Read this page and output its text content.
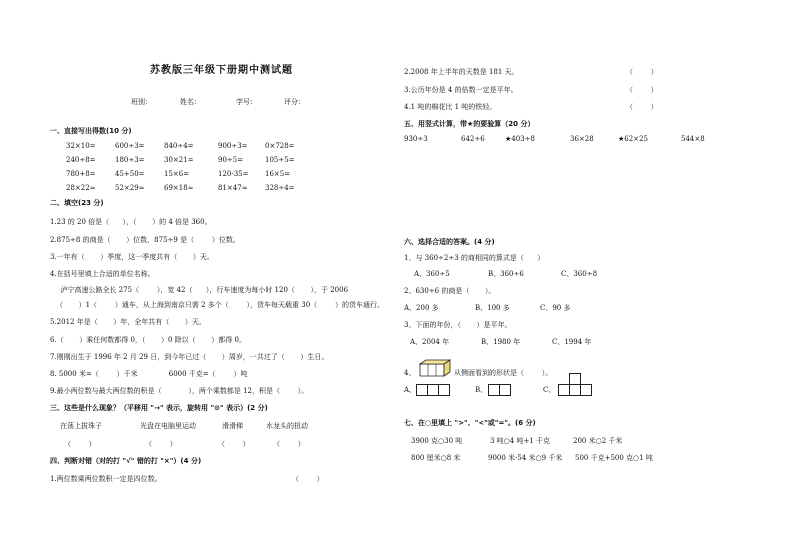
苏教版三年级下册期中测试题
班别：	姓名：	学号：	评分：
一、直接写出得数(10 分)
32×10=	600÷3=	840÷4=	900÷3= 0×728=
240÷8=	180÷3=	30×21=	90÷5=	105÷5=
780+8=	45+50=	15×6=	120-35= 16×5=
28×22≈	52×29≈	69×18≈	81×47≈ 328÷4=
二、填空(23 分)
1.23 的 20 倍是（      ），（       ）的 4 倍是 360。
2.875÷8 的商是（       ）位数，875÷9 是（        ）位数。
3.一年有（       ）季度，这一季度共有（       ）天。
4.在括号里填上合适的单位名称。
泸宁高速公路全长 275（        ），宽 42（      ），行车速度为每小时 120（       ），于 2006
（       ）1（        ）通车，从上海到南京只需 2 多个（        ），货车每天载重 30（        ）的货车通行。
5.2012 年是（       ）年，全年共有（       ）天。
6.（       ）乘任何数都得 0，（       ）0 除以（       ）都得 0。
7.刚刚出生于 1996 年 2 月 29 日，到今年已过（       ）周岁，一共过了（       ）生日。
8. 5000 米=（        ）千米              6000 千克=（        ）吨
9.最小两位数与最大两位数的积是（            ），两个乘数都是 12，积是（        ）。
三、这些是什么现象？（平移用 "→" 表示，旋转用 "⊙" 表示）(2 分)
在荡上拔珠子	光盘在电脑里运动	滑滑梯	水龙头的扭动
（        ）	（        ）	（        ）	（        ）
四、判断对错（对的打 "√" 错的打 "×"）(4 分)
1.两位数乘两位数积一定是四位数。	（        ）
2.2008 年上半年的天数是 181 天。	（        ）
3.公历年份是 4 的倍数一定是平年。	（        ）
4.1 吨的棉花比 1 吨的铁轻。	（        ）
五、用竖式计算，带★的要验算（20 分）
930÷3	642÷6	★403÷8	36×28	★62×25	544×8
六、选择合适的答案。(4 分)
1、与 360÷2÷3 的商相同的算式是（      ）
A、360÷5	B、360÷6	C、360÷8
2、630÷6 的商是（       ）。
A、200 多	B、100 多	C、90 多
3、下面的年份，（       ）是平年。
A、2004 年	B、1980 年	C、1994 年
4、	从侧面看到的形状是（        ）。
A、	B、	C、
七、在○里填上 ">"、"<"或"="。(6 分)
3900 克○30 吨	3 吨○4 吨+1 千克	200 米○2 千米
800 厘米○8 米	9000 米-54 米○9 千米 500 千克+500 克○1 吨
